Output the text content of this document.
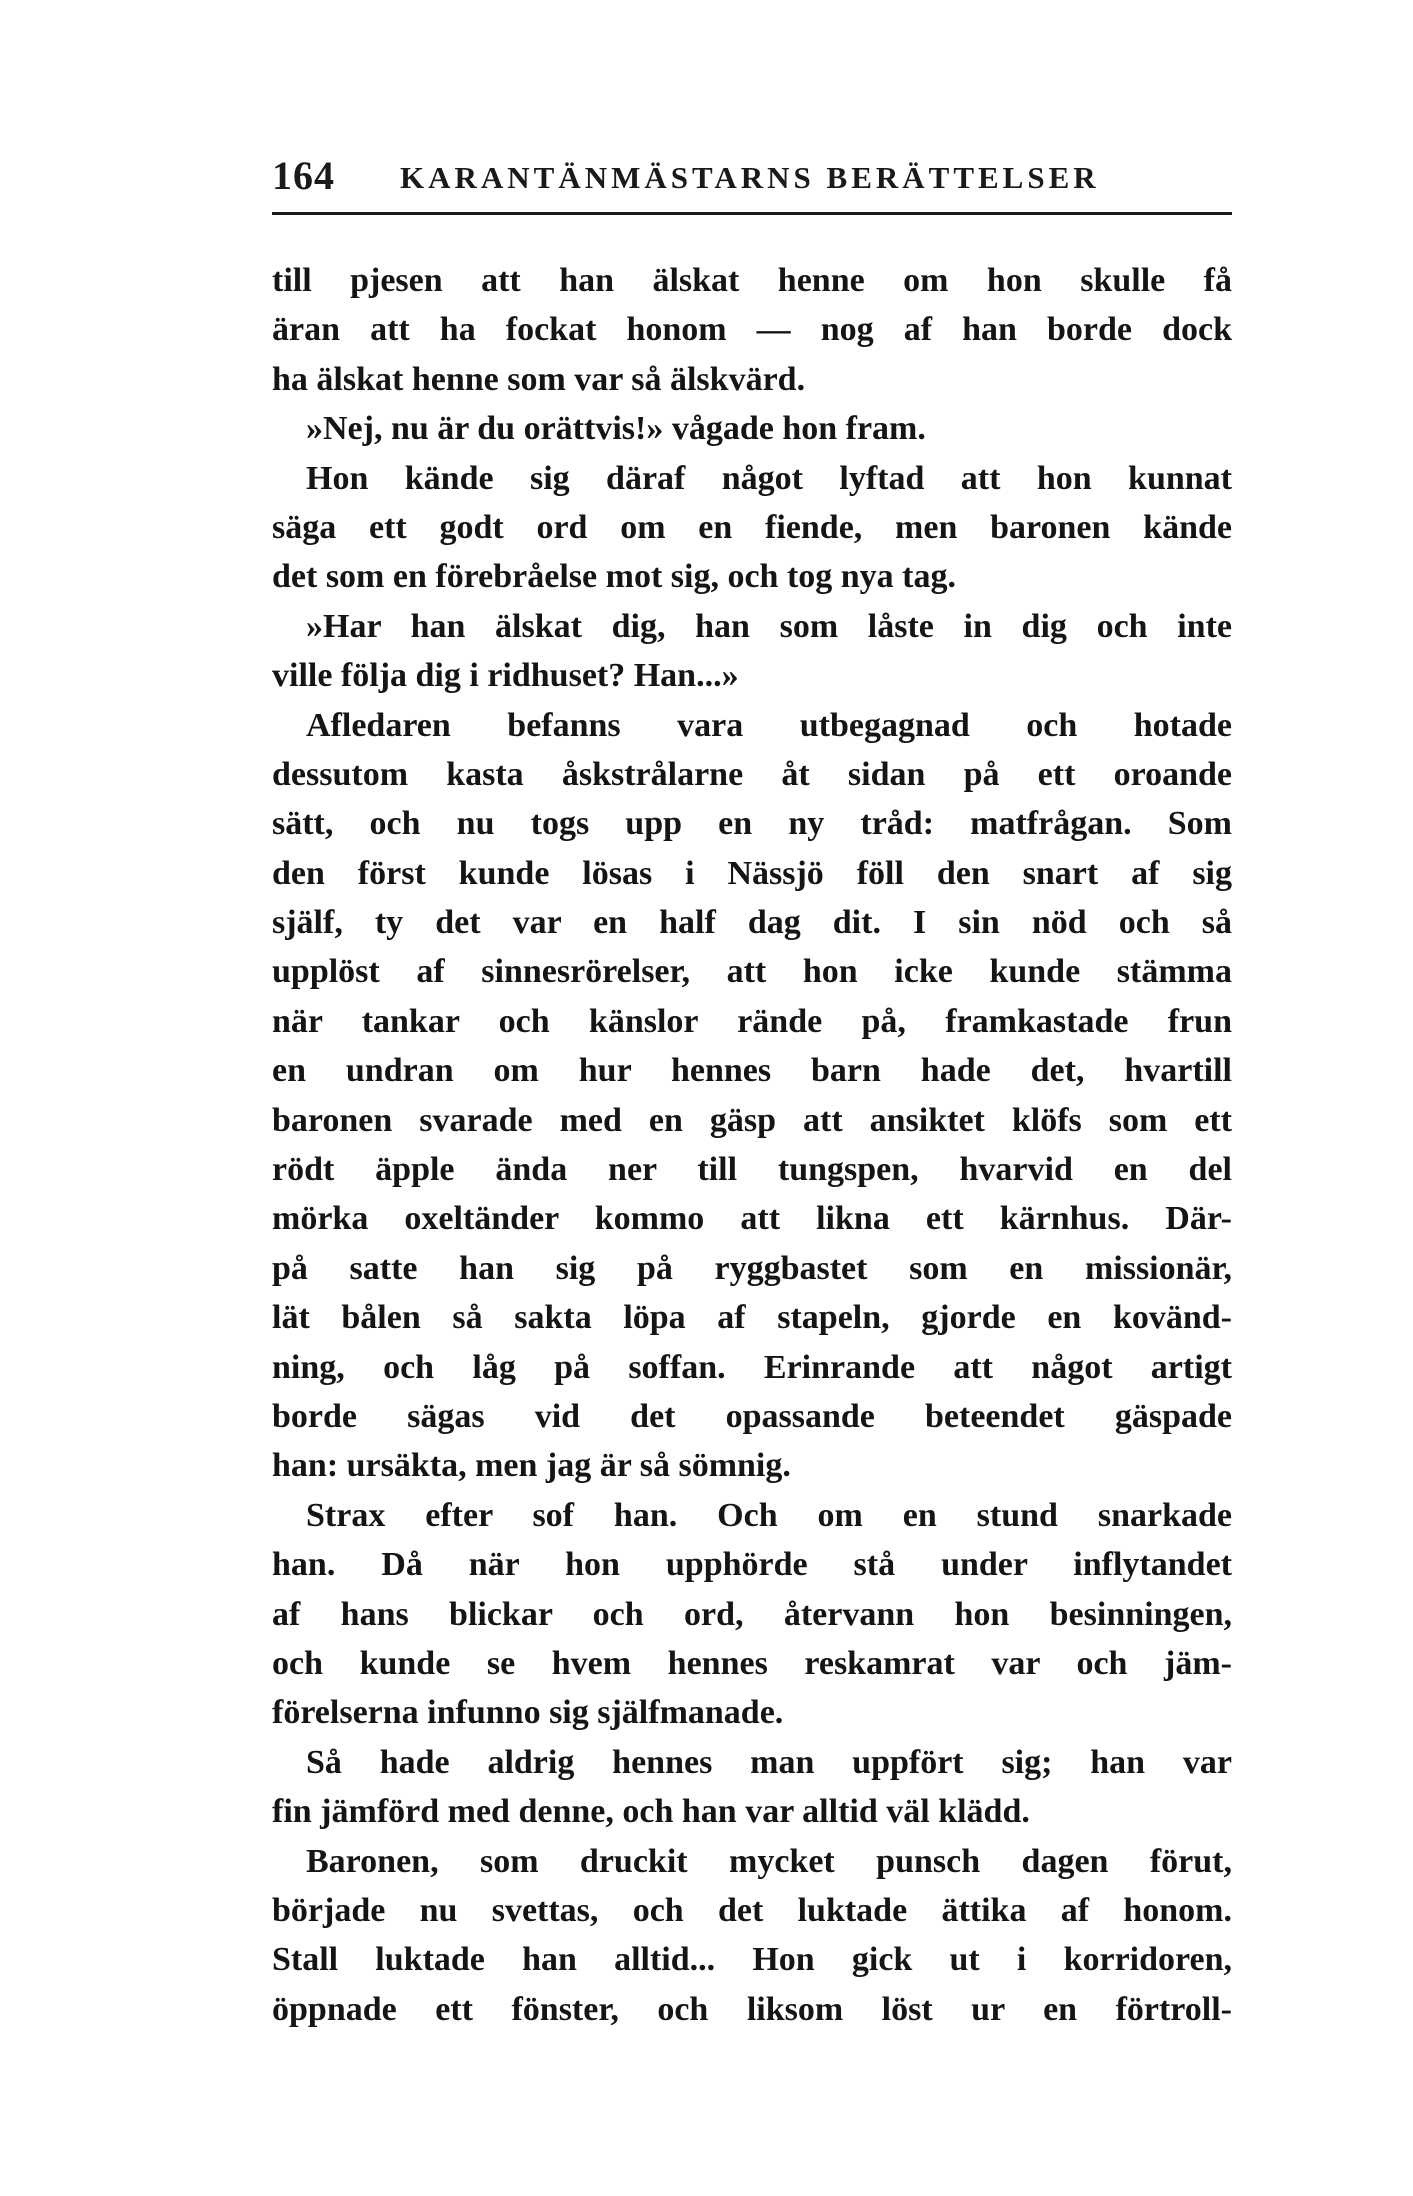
164 KARANTÄNMÄSTARNS BERÄTTELSER
till pjesen att han älskat henne om hon skulle få
äran att ha fockat honom — nog af han borde dock
ha älskat henne som var så älskvärd.
»Nej, nu är du orättvis!» vågade hon fram.
Hon kände sig däraf något lyftad att hon kunnat
säga ett godt ord om en fiende, men baronen kände
det som en förebråelse mot sig, och tog nya tag.
»Har han älskat dig, han som låste in dig och inte
ville följa dig i ridhuset? Han...»
Afledaren befanns vara utbegagnad och hotade
dessutom kasta åskstrålarne åt sidan på ett oroande
sätt, och nu togs upp en ny tråd: matfrågan. Som
den först kunde lösas i Nässjö föll den snart af sig
själf, ty det var en half dag dit. I sin nöd och så
upplöst af sinnesrörelser, att hon icke kunde stämma
när tankar och känslor rände på, framkastade frun
en undran om hur hennes barn hade det, hvartill
baronen svarade med en gäsp att ansiktet klöfs som ett
rödt äpple ända ner till tungspen, hvarvid en del
mörka oxeltänder kommo att likna ett kärnhus. Där-
på satte han sig på ryggbastet som en missionär,
lät bålen så sakta löpa af stapeln, gjorde en kovänd-
ning, och låg på soffan. Erinrande att något artigt
borde sägas vid det opassande beteendet gäspade
han: ursäkta, men jag är så sömnig.
Strax efter sof han. Och om en stund snarkade
han. Då när hon upphörde stå under inflytandet
af hans blickar och ord, återvann hon besinningen,
och kunde se hvem hennes reskamrat var och jäm-
förelserna infunno sig själfmanade.
Så hade aldrig hennes man uppfört sig; han var
fin jämförd med denne, och han var alltid väl klädd.
Baronen, som druckit mycket punsch dagen förut,
började nu svettas, och det luktade ättika af honom.
Stall luktade han alltid... Hon gick ut i korridoren,
öppnade ett fönster, och liksom löst ur en förtroll-
